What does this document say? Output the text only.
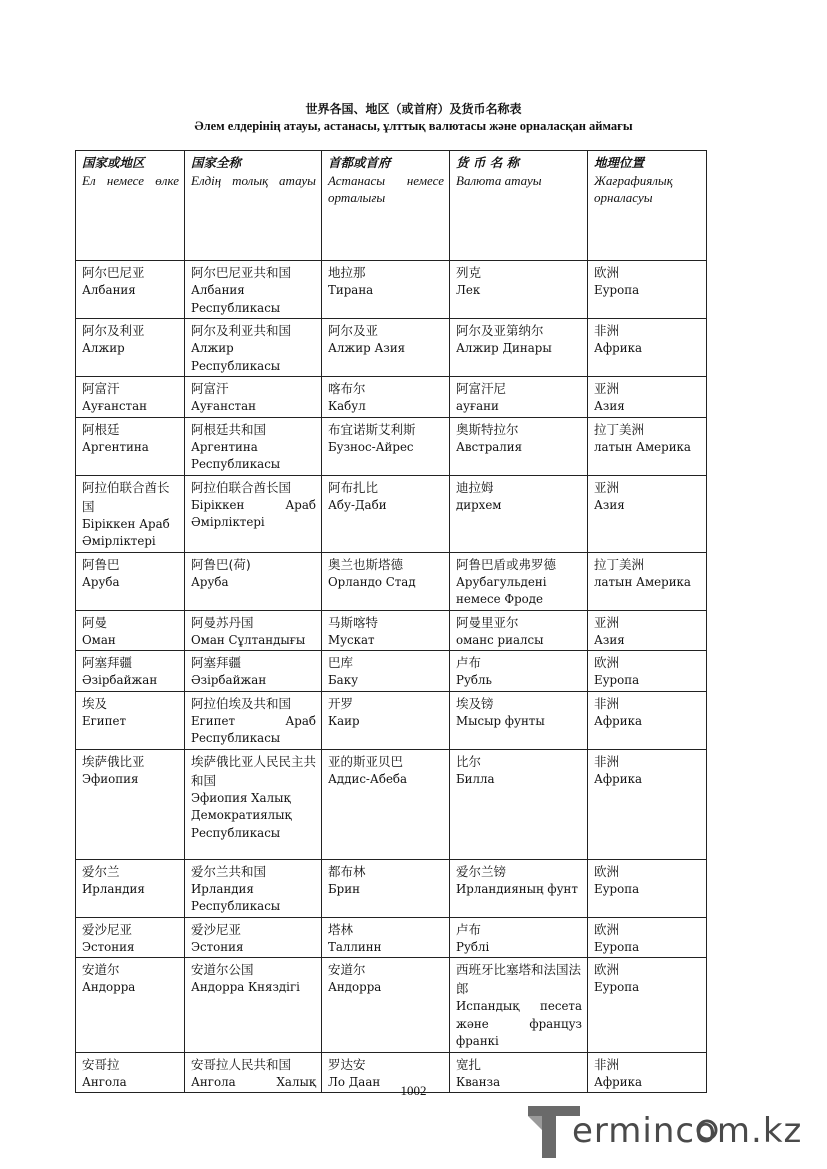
世界各国、地区（或首府）及货币名称表
Әлем елдерінің атауы, астанасы, ұлттық валютасы және орналасқан аймағы
国家或地区
Ел немесе өлке	国家全称
Елдің толық атауы	首都或首府
Астанасы немесе орталығы	货 币 名 称
Валюта атауы	地理位置
Жағрафиялық орналасуы

阿尔巴尼亚
Албания	阿尔巴尼亚共和国
Албания Республикасы	地拉那
Тирана	列克
Лек	欧洲
Еуропа

阿尔及利亚
Алжир	阿尔及利亚共和国
Алжир Республикасы	阿尔及亚
Алжир Азия	阿尔及亚第纳尔
Алжир Динары	非洲
Африка

阿富汗
Ауғанстан	阿富汗
Ауғанстан	喀布尔
Кабул	阿富汗尼
ауғани	亚洲
Азия

阿根廷
Аргентина	阿根廷共和国
Аргентина Республикасы	布宜诺斯艾利斯
Бузнос-Айрес	奥斯特拉尔
Австралия	拉丁美洲
латын Америка

阿拉伯联合酋长国
Біріккен Араб Әмірліктері	阿拉伯联合酋长国
Біріккен Араб Әмірліктері	阿布扎比
Абу-Даби	迪拉姆
дирхем	亚洲
Азия

阿鲁巴
Аруба	阿鲁巴(荷)
Аруба	奥兰也斯塔德
Орландо Стад	阿鲁巴盾或弗罗德
Арубагульдені немесе Фроде	拉丁美洲
латын Америка

阿曼
Оман	阿曼苏丹国
Оман Сұлтандығы	马斯喀特
Мускат	阿曼里亚尔
оманс риалсы	亚洲
Азия

阿塞拜疆
Әзірбайжан	阿塞拜疆
Әзірбайжан	巴库
Баку	卢布
Рубль	欧洲
Еуропа

埃及
Египет	阿拉伯埃及共和国
Египет Араб Республикасы	开罗
Каир	埃及镑
Мысыр фунты	非洲
Африка

埃萨俄比亚
Эфиопия	埃萨俄比亚人民民主共和国
Эфиопия Халық Демократиялық Республикасы	亚的斯亚贝巴
Аддис-Абеба	比尔
Билла	非洲
Африка

爱尔兰
Ирландия	爱尔兰共和国
Ирландия Республикасы	都布林
Брин	爱尔兰镑
Ирландияның фунт	欧洲
Еуропа

爱沙尼亚
Эстония	爱沙尼亚
Эстония	塔林
Таллинн	卢布
Рублі	欧洲
Еуропа

安道尔
Андорра	安道尔公国
Андорра Княздігі	安道尔
Андорра	西班牙比塞塔和法国法郎
Испандық песета және француз франкі	欧洲
Еуропа

安哥拉
Ангола	安哥拉人民共和国
Ангола Халық	罗达安
Ло Даан	宽扎
Кванза	非洲
Африка
1002
ermincom.kz
